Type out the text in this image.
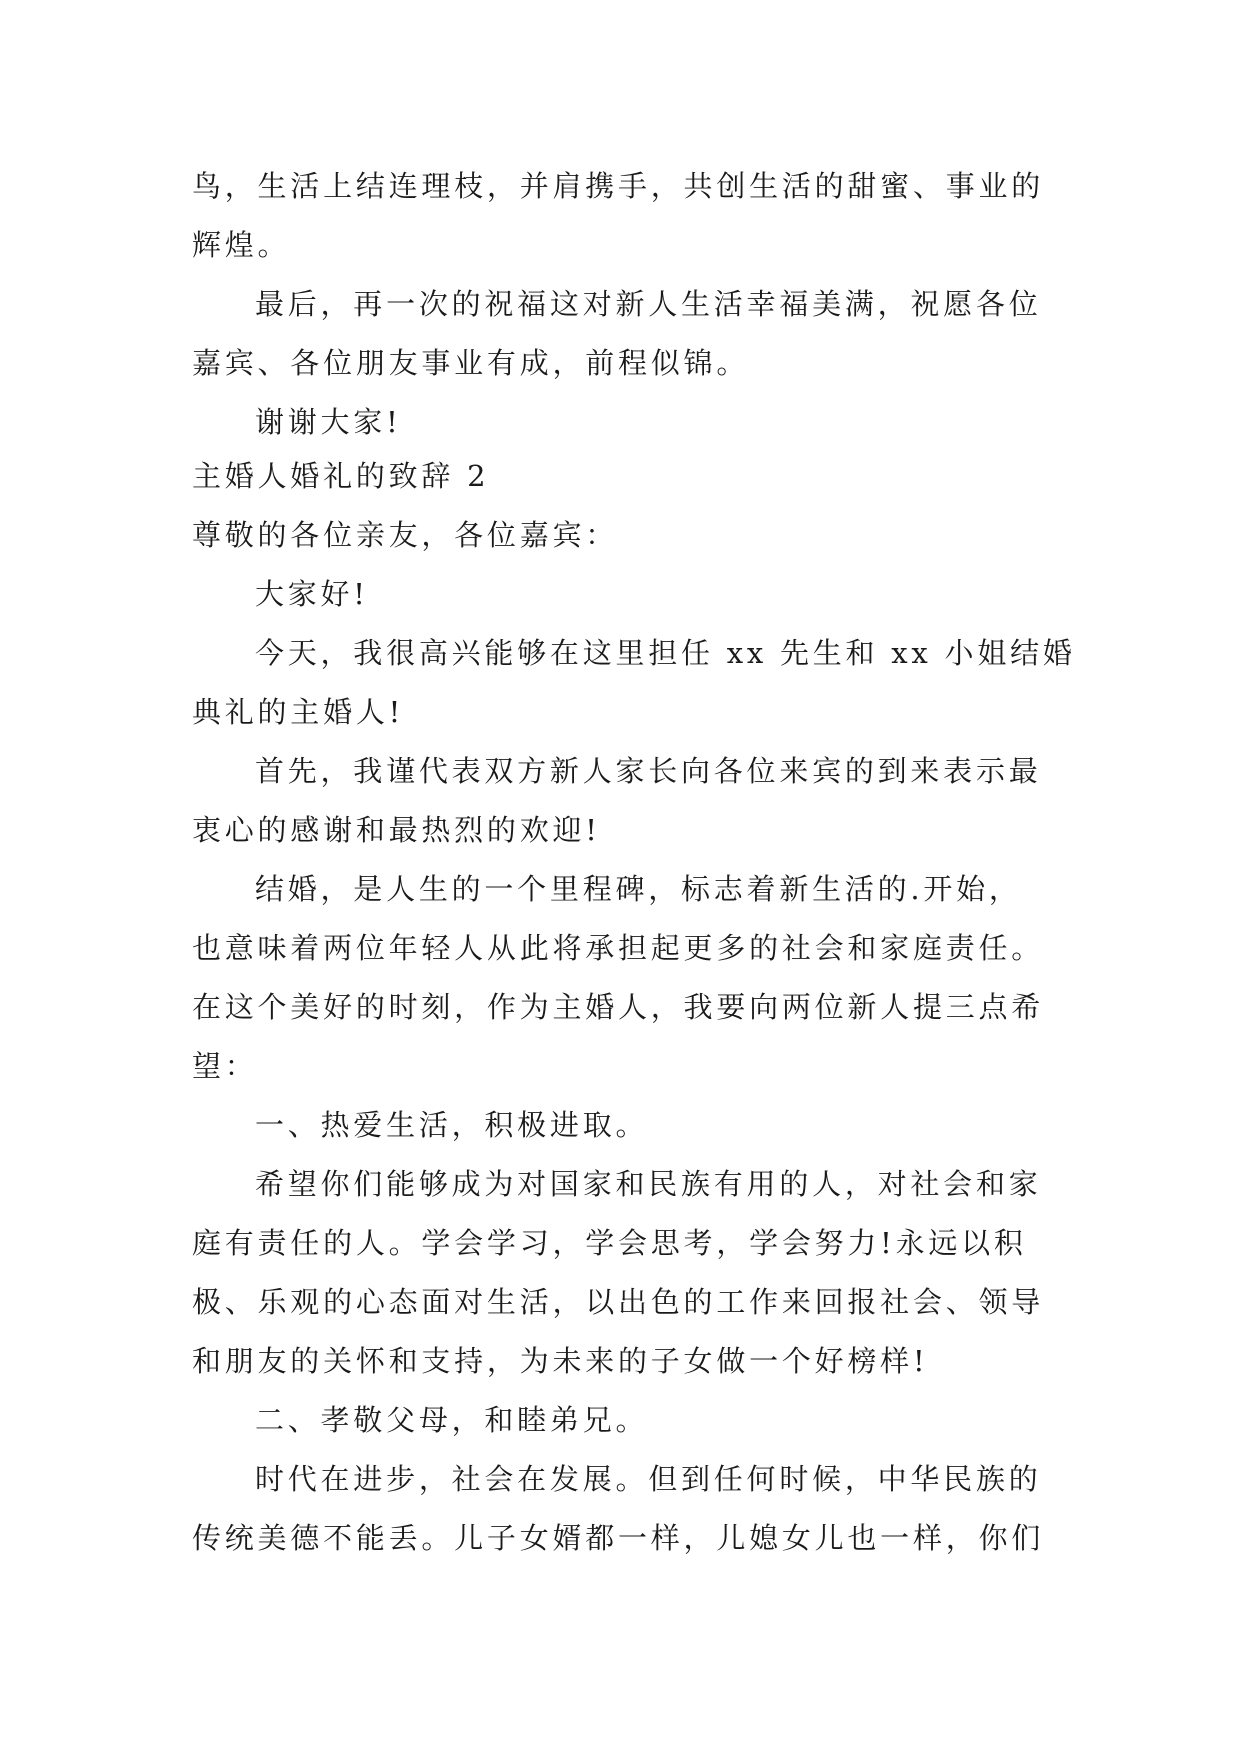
鸟，生活上结连理枝，并肩携手，共创生活的甜蜜、事业的

辉煌。

最后，再一次的祝福这对新人生活幸福美满，祝愿各位

嘉宾、各位朋友事业有成，前程似锦。

谢谢大家!

主婚人婚礼的致辞 2

尊敬的各位亲友，各位嘉宾：

大家好!

今天，我很高兴能够在这里担任 xx 先生和 xx 小姐结婚

典礼的主婚人!

首先，我谨代表双方新人家长向各位来宾的到来表示最

衷心的感谢和最热烈的欢迎!

结婚，是人生的一个里程碑，标志着新生活的.开始，

也意味着两位年轻人从此将承担起更多的社会和家庭责任。

在这个美好的时刻，作为主婚人，我要向两位新人提三点希

望：

一、热爱生活，积极进取。

希望你们能够成为对国家和民族有用的人，对社会和家

庭有责任的人。学会学习，学会思考，学会努力!永远以积

极、乐观的心态面对生活，以出色的工作来回报社会、领导

和朋友的关怀和支持，为未来的子女做一个好榜样!

二、孝敬父母，和睦弟兄。

时代在进步，社会在发展。但到任何时候，中华民族的

传统美德不能丢。儿子女婿都一样，儿媳女儿也一样，你们
